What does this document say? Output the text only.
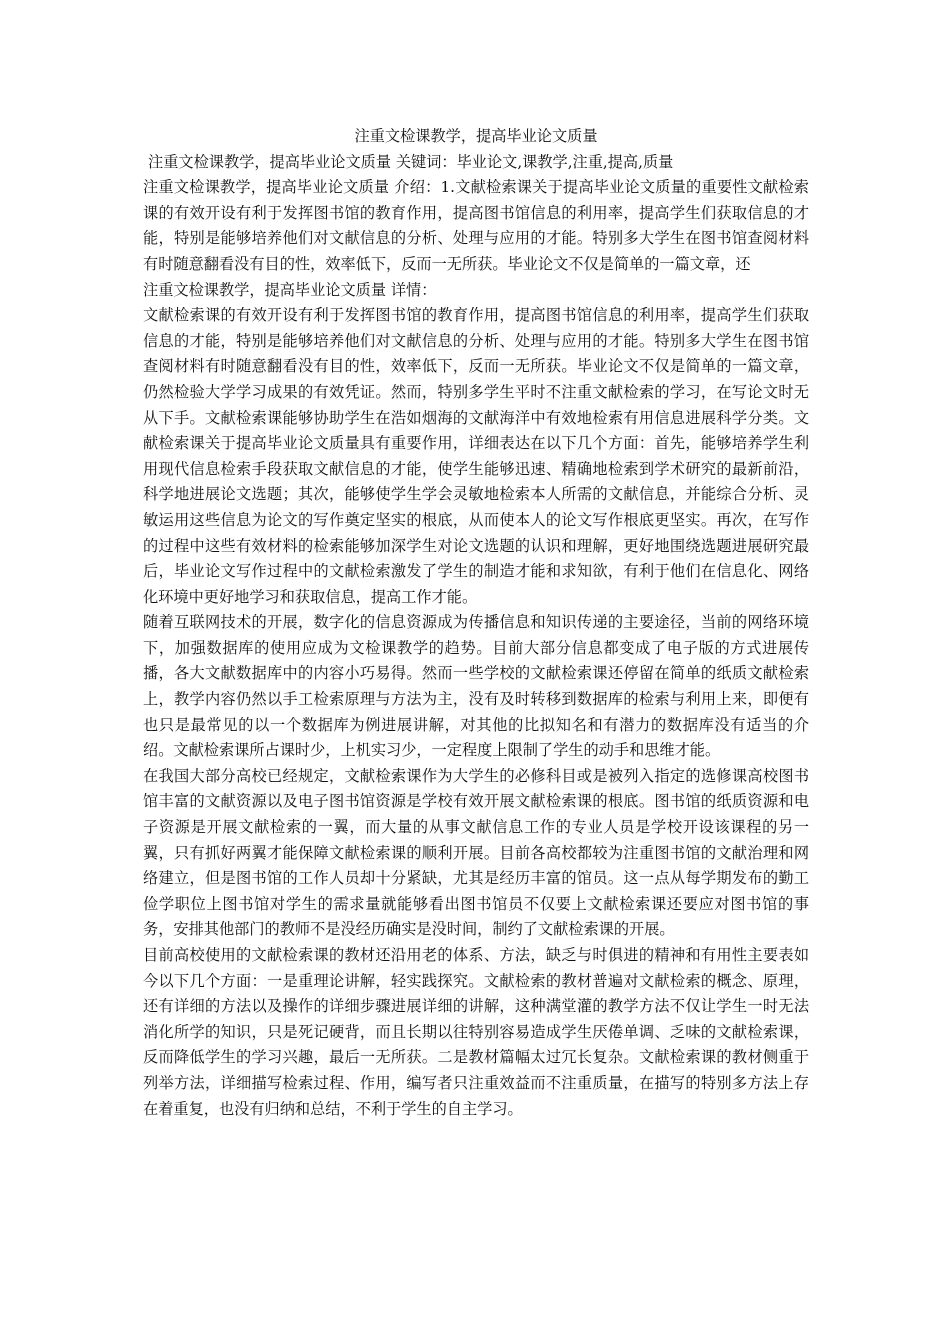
注重文检课教学，提高毕业论文质量

注重文检课教学，提高毕业论文质量 关键词：毕业论文,课教学,注重,提高,质量

注重文检课教学，提高毕业论文质量 介绍：1.文献检索课关于提高毕业论文质量的重要性文献检索课的有效开设有利于发挥图书馆的教育作用，提高图书馆信息的利用率，提高学生们获取信息的才能，特别是能够培养他们对文献信息的分析、处理与应用的才能。特别多大学生在图书馆查阅材料有时随意翻看没有目的性，效率低下，反而一无所获。毕业论文不仅是简单的一篇文章，还

注重文检课教学，提高毕业论文质量 详情：

文献检索课的有效开设有利于发挥图书馆的教育作用，提高图书馆信息的利用率，提高学生们获取信息的才能，特别是能够培养他们对文献信息的分析、处理与应用的才能。特别多大学生在图书馆查阅材料有时随意翻看没有目的性，效率低下，反而一无所获。毕业论文不仅是简单的一篇文章，仍然检验大学学习成果的有效凭证。然而，特别多学生平时不注重文献检索的学习，在写论文时无从下手。文献检索课能够协助学生在浩如烟海的文献海洋中有效地检索有用信息进展科学分类。文献检索课关于提高毕业论文质量具有重要作用，详细表达在以下几个方面：首先，能够培养学生利用现代信息检索手段获取文献信息的才能，使学生能够迅速、精确地检索到学术研究的最新前沿，科学地进展论文选题；其次，能够使学生学会灵敏地检索本人所需的文献信息，并能综合分析、灵敏运用这些信息为论文的写作奠定坚实的根底，从而使本人的论文写作根底更坚实。再次，在写作的过程中这些有效材料的检索能够加深学生对论文选题的认识和理解，更好地围绕选题进展研究最后，毕业论文写作过程中的文献检索激发了学生的制造才能和求知欲，有利于他们在信息化、网络化环境中更好地学习和获取信息，提高工作才能。

随着互联网技术的开展，数字化的信息资源成为传播信息和知识传递的主要途径，当前的网络环境下，加强数据库的使用应成为文检课教学的趋势。目前大部分信息都变成了电子版的方式进展传播，各大文献数据库中的内容小巧易得。然而一些学校的文献检索课还停留在简单的纸质文献检索上，教学内容仍然以手工检索原理与方法为主，没有及时转移到数据库的检索与利用上来，即便有也只是最常见的以一个数据库为例进展讲解，对其他的比拟知名和有潜力的数据库没有适当的介绍。文献检索课所占课时少，上机实习少，一定程度上限制了学生的动手和思维才能。

在我国大部分高校已经规定，文献检索课作为大学生的必修科目或是被列入指定的选修课高校图书馆丰富的文献资源以及电子图书馆资源是学校有效开展文献检索课的根底。图书馆的纸质资源和电子资源是开展文献检索的一翼，而大量的从事文献信息工作的专业人员是学校开设该课程的另一翼，只有抓好两翼才能保障文献检索课的顺利开展。目前各高校都较为注重图书馆的文献治理和网络建立，但是图书馆的工作人员却十分紧缺，尤其是经历丰富的馆员。这一点从每学期发布的勤工俭学职位上图书馆对学生的需求量就能够看出图书馆员不仅要上文献检索课还要应对图书馆的事务，安排其他部门的教师不是没经历确实是没时间，制约了文献检索课的开展。

目前高校使用的文献检索课的教材还沿用老的体系、方法，缺乏与时俱进的精神和有用性主要表如今以下几个方面：一是重理论讲解，轻实践探究。文献检索的教材普遍对文献检索的概念、原理，还有详细的方法以及操作的详细步骤进展详细的讲解，这种满堂灌的教学方法不仅让学生一时无法消化所学的知识，只是死记硬背，而且长期以往特别容易造成学生厌倦单调、乏味的文献检索课，反而降低学生的学习兴趣，最后一无所获。二是教材篇幅太过冗长复杂。文献检索课的教材侧重于列举方法，详细描写检索过程、作用，编写者只注重效益而不注重质量，在描写的特别多方法上存在着重复，也没有归纳和总结，不利于学生的自主学习。
